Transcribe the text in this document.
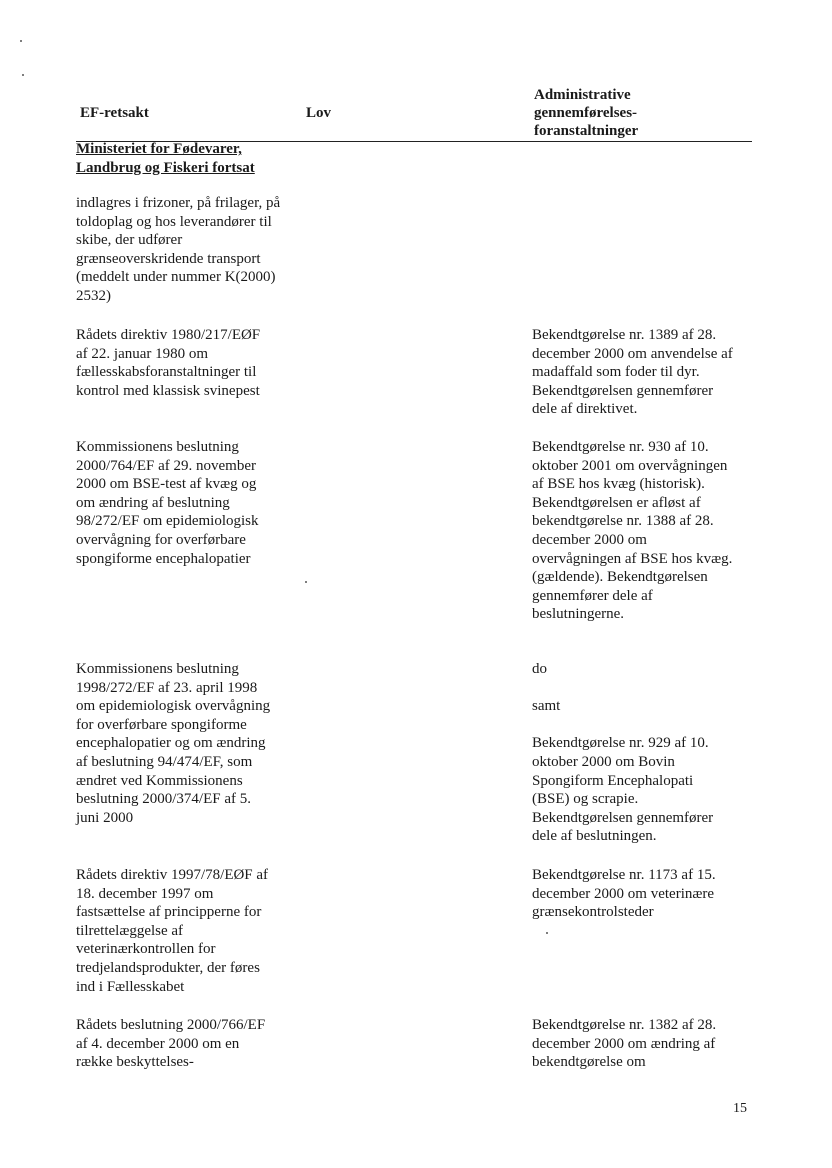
EF-retsakt	Lov
Administrative
gennemførelses-
foranstaltninger
Ministeriet for Fødevarer,
Landbrug og Fiskeri fortsat
indlagres i frizoner, på frilager, på
toldoplag og hos leverandører til
skibe, der udfører
grænseoverskridende transport
(meddelt under nummer K(2000)
2532)
Rådets direktiv 1980/217/EØF
af 22. januar 1980 om
fællesskabsforanstaltninger til
kontrol med klassisk svinepest
Kommissionens beslutning
2000/764/EF af 29. november
2000 om BSE-test af kvæg og
om ændring af beslutning
98/272/EF om epidemiologisk
overvågning for overførbare
spongiforme encephalopatier
Kommissionens beslutning
1998/272/EF af 23. april 1998
om epidemiologisk overvågning
for overførbare spongiforme
encephalopatier og om ændring
af beslutning 94/474/EF, som
ændret ved Kommissionens
beslutning 2000/374/EF af 5.
juni 2000
Rådets direktiv 1997/78/EØF af
18. december 1997 om
fastsættelse af principperne for
tilrettelæggelse af
veterinærkontrollen for
tredjelandsprodukter, der føres
ind i Fællesskabet
Rådets beslutning 2000/766/EF
af 4. december 2000 om en
række beskyttelses-
Bekendtgørelse nr. 1389 af 28.
december 2000 om anvendelse af
madaffald som foder til dyr.
Bekendtgørelsen gennemfører
dele af direktivet.
Bekendtgørelse nr. 930 af 10.
oktober 2001 om overvågningen
af BSE hos kvæg (historisk).
Bekendtgørelsen er afløst af
bekendtgørelse nr. 1388 af 28.
december 2000 om
overvågningen af BSE hos kvæg.
(gældende). Bekendtgørelsen
gennemfører dele af
beslutningerne.
do

samt

Bekendtgørelse nr. 929 af 10.
oktober 2000 om Bovin
Spongiform Encephalopati
(BSE) og scrapie.
Bekendtgørelsen gennemfører
dele af beslutningen.
Bekendtgørelse nr. 1173 af 15.
december 2000 om veterinære
grænsekontrolsteder
Bekendtgørelse nr. 1382 af 28.
december 2000 om ændring af
bekendtgørelse om
15
